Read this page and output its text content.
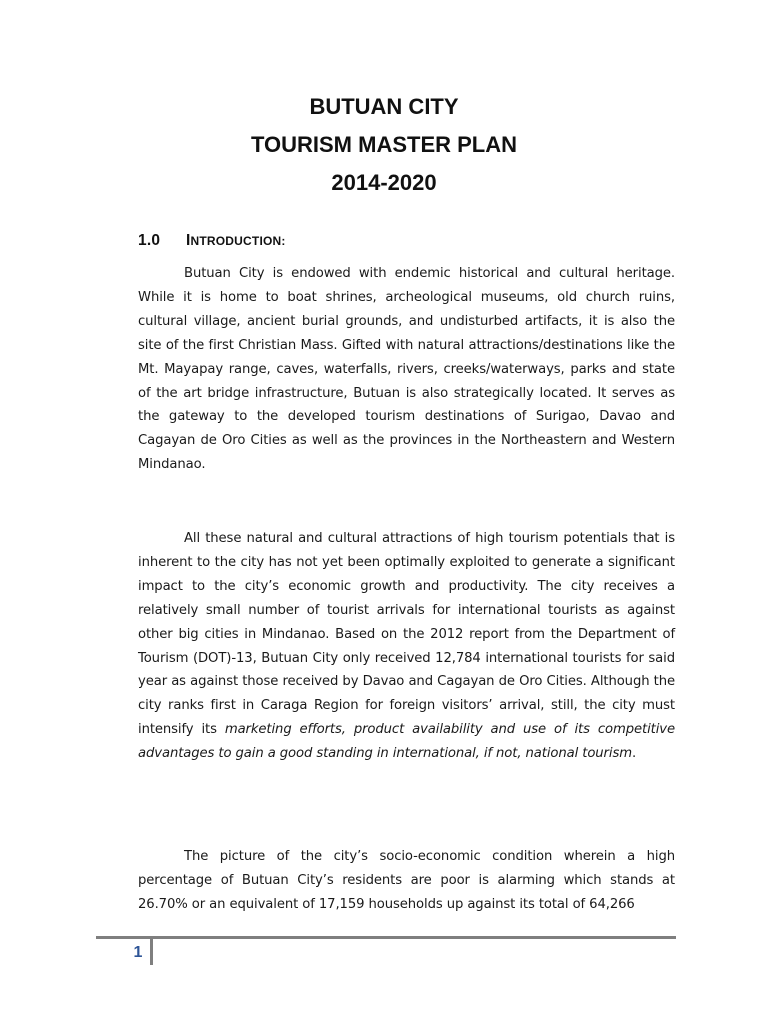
BUTUAN CITY
TOURISM MASTER PLAN
2014-2020
1.0 INTRODUCTION:

Butuan City is endowed with endemic historical and cultural heritage. While it is home to boat shrines, archeological museums, old church ruins, cultural village, ancient burial grounds, and undisturbed artifacts, it is also the site of the first Christian Mass. Gifted with natural attractions/destinations like the Mt. Mayapay range, caves, waterfalls, rivers, creeks/waterways, parks and state of the art bridge infrastructure, Butuan is also strategically located. It serves as the gateway to the developed tourism destinations of Surigao, Davao and Cagayan de Oro Cities as well as the provinces in the Northeastern and Western Mindanao.

All these natural and cultural attractions of high tourism potentials that is inherent to the city has not yet been optimally exploited to generate a significant impact to the city’s economic growth and productivity. The city receives a relatively small number of tourist arrivals for international tourists as against other big cities in Mindanao. Based on the 2012 report from the Department of Tourism (DOT)-13, Butuan City only received 12,784 international tourists for said year as against those received by Davao and Cagayan de Oro Cities. Although the city ranks first in Caraga Region for foreign visitors’ arrival, still, the city must intensify its marketing efforts, product availability and use of its competitive advantages to gain a good standing in international, if not, national tourism.

The picture of the city’s socio-economic condition wherein a high percentage of Butuan City’s residents are poor is alarming which stands at 26.70% or an equivalent of 17,159 households up against its total of 64,266

1
